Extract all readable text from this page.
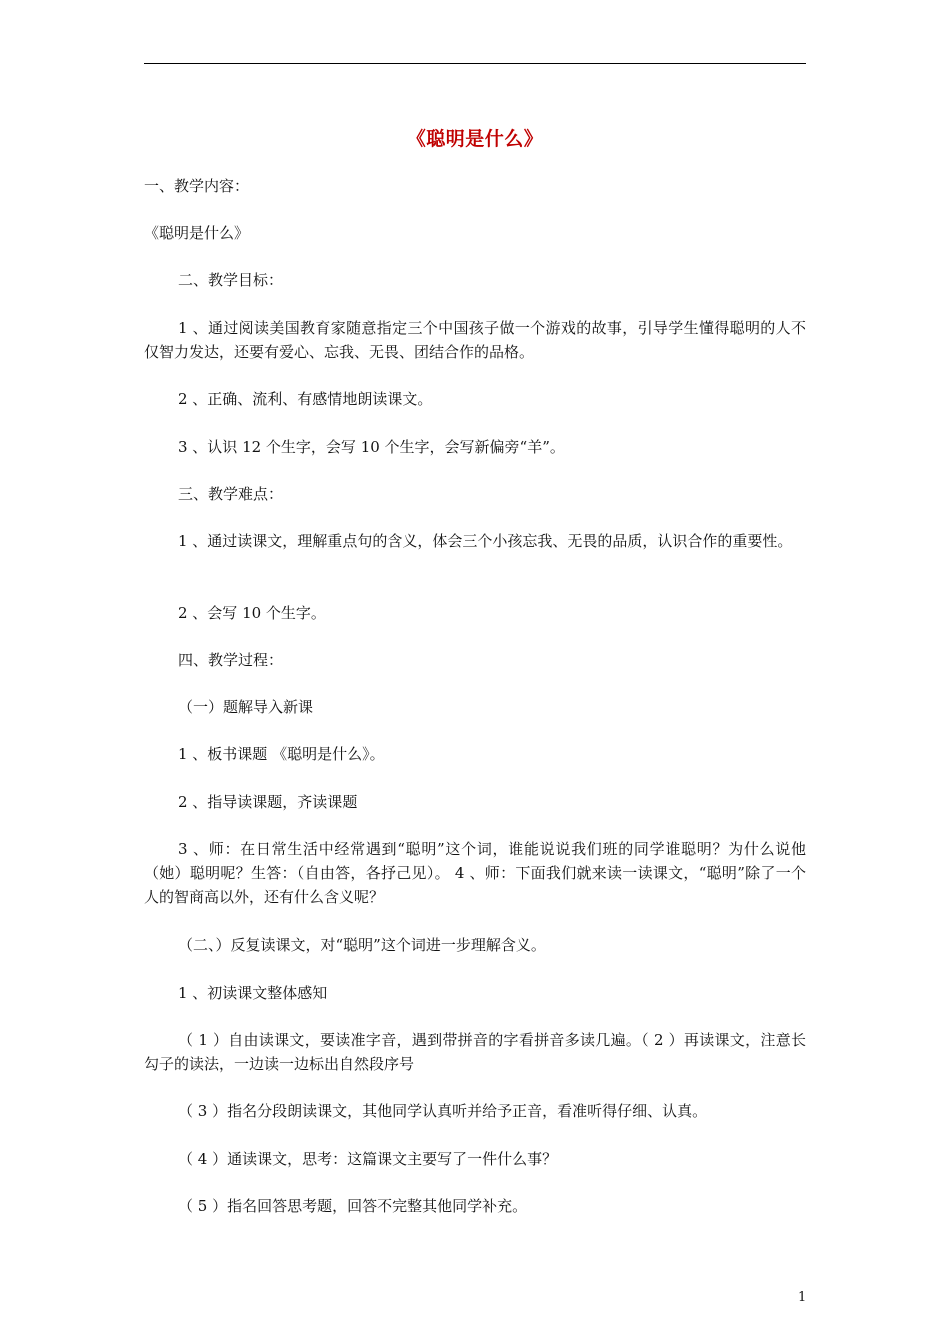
《聪明是什么》
一、教学内容：
《聪明是什么》
二、教学目标：
1 、通过阅读美国教育家随意指定三个中国孩子做一个游戏的故事，引导学生懂得聪明的人不仅智力发达，还要有爱心、忘我、无畏、团结合作的品格。
2 、正确、流利、有感情地朗读课文。
3 、认识 12 个生字，会写 10 个生字，会写新偏旁“羊”。
三、教学难点：
1 、通过读课文，理解重点句的含义，体会三个小孩忘我、无畏的品质，认识合作的重要性。
2 、会写 10 个生字。
四、教学过程：
（一）题解导入新课
1 、板书课题 《聪明是什么》。
2 、指导读课题，齐读课题
3 、师：在日常生活中经常遇到“聪明”这个词，谁能说说我们班的同学谁聪明？为什么说他（她）聪明呢？生答：（自由答，各抒己见）。 4 、师：下面我们就来读一读课文，“聪明”除了一个人的智商高以外，还有什么含义呢？
（二、）反复读课文，对“聪明”这个词进一步理解含义。
1 、初读课文整体感知
（ 1 ）自由读课文，要读准字音，遇到带拼音的字看拼音多读几遍。（ 2 ）再读课文，注意长勾子的读法，一边读一边标出自然段序号
（ 3 ）指名分段朗读课文，其他同学认真听并给予正音，看准听得仔细、认真。
（ 4 ）通读课文，思考：这篇课文主要写了一件什么事？
（ 5 ）指名回答思考题，回答不完整其他同学补充。
1
